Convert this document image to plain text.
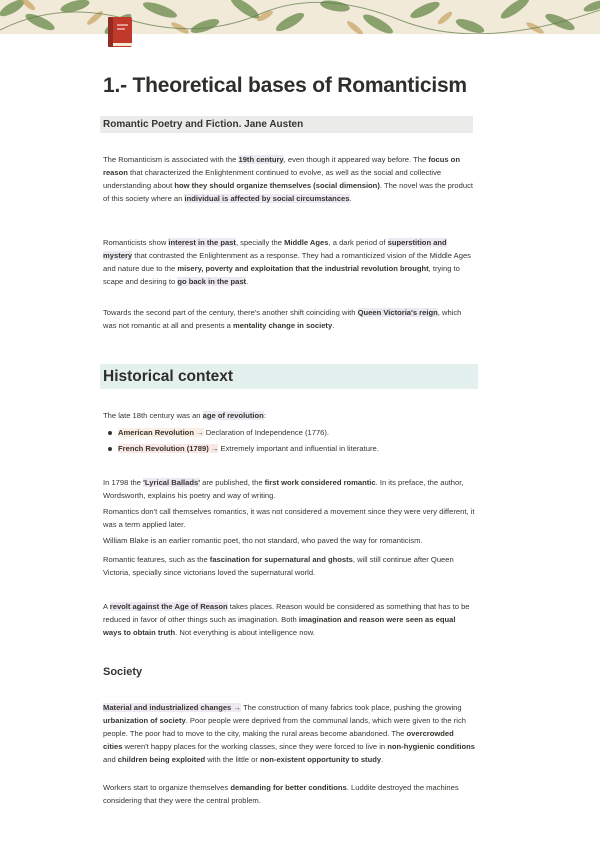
1.- Theoretical bases of Romanticism
Romantic Poetry and Fiction. Jane Austen

The Romanticism is associated with the 19th century, even though it appeared way before. The focus on reason that characterized the Enlightenment continued to evolve, as well as the social and collective understanding about how they should organize themselves (social dimension). The novel was the product of this society where an individual is affected by social circumstances.

Romanticists show interest in the past, specially the Middle Ages, a dark period of superstition and mystery that contrasted the Enlightenment as a response. They had a romanticized vision of the Middle Ages and nature due to the misery, poverty and exploitation that the industrial revolution brought, trying to scape and desiring to go back in the past.

Towards the second part of the century, there's another shift coinciding with Queen Victoria's reign, which was not romantic at all and presents a mentality change in society.

Historical context

The late 18th century was an age of revolution:

American Revolution → Declaration of Independence (1776).
French Revolution (1789) → Extremely important and influential in literature.

In 1798 the 'Lyrical Ballads' are published, the first work considered romantic. In its preface, the author, Wordsworth, explains his poetry and way of writing.

Romantics don't call themselves romantics, it was not considered a movement since they were very different, it was a term applied later.

William Blake is an earlier romantic poet, tho not standard, who paved the way for romanticism.

Romantic features, such as the fascination for supernatural and ghosts, will still continue after Queen Victoria, specially since victorians loved the supernatural world.

A revolt against the Age of Reason takes places. Reason would be considered as something that has to be reduced in favor of other things such as imagination. Both imagination and reason were seen as equal ways to obtain truth. Not everything is about intelligence now.

Society

Material and industrialized changes → The construction of many fabrics took place, pushing the growing urbanization of society. Poor people were deprived from the communal lands, which were given to the rich people. The poor had to move to the city, making the rural areas become abandoned. The overcrowded cities weren't happy places for the working classes, since they were forced to live in non-hygienic conditions and children being exploited with the little or non-existent opportunity to study.

Workers start to organize themselves demanding for better conditions. Luddite destroyed the machines considering that they were the central problem.
